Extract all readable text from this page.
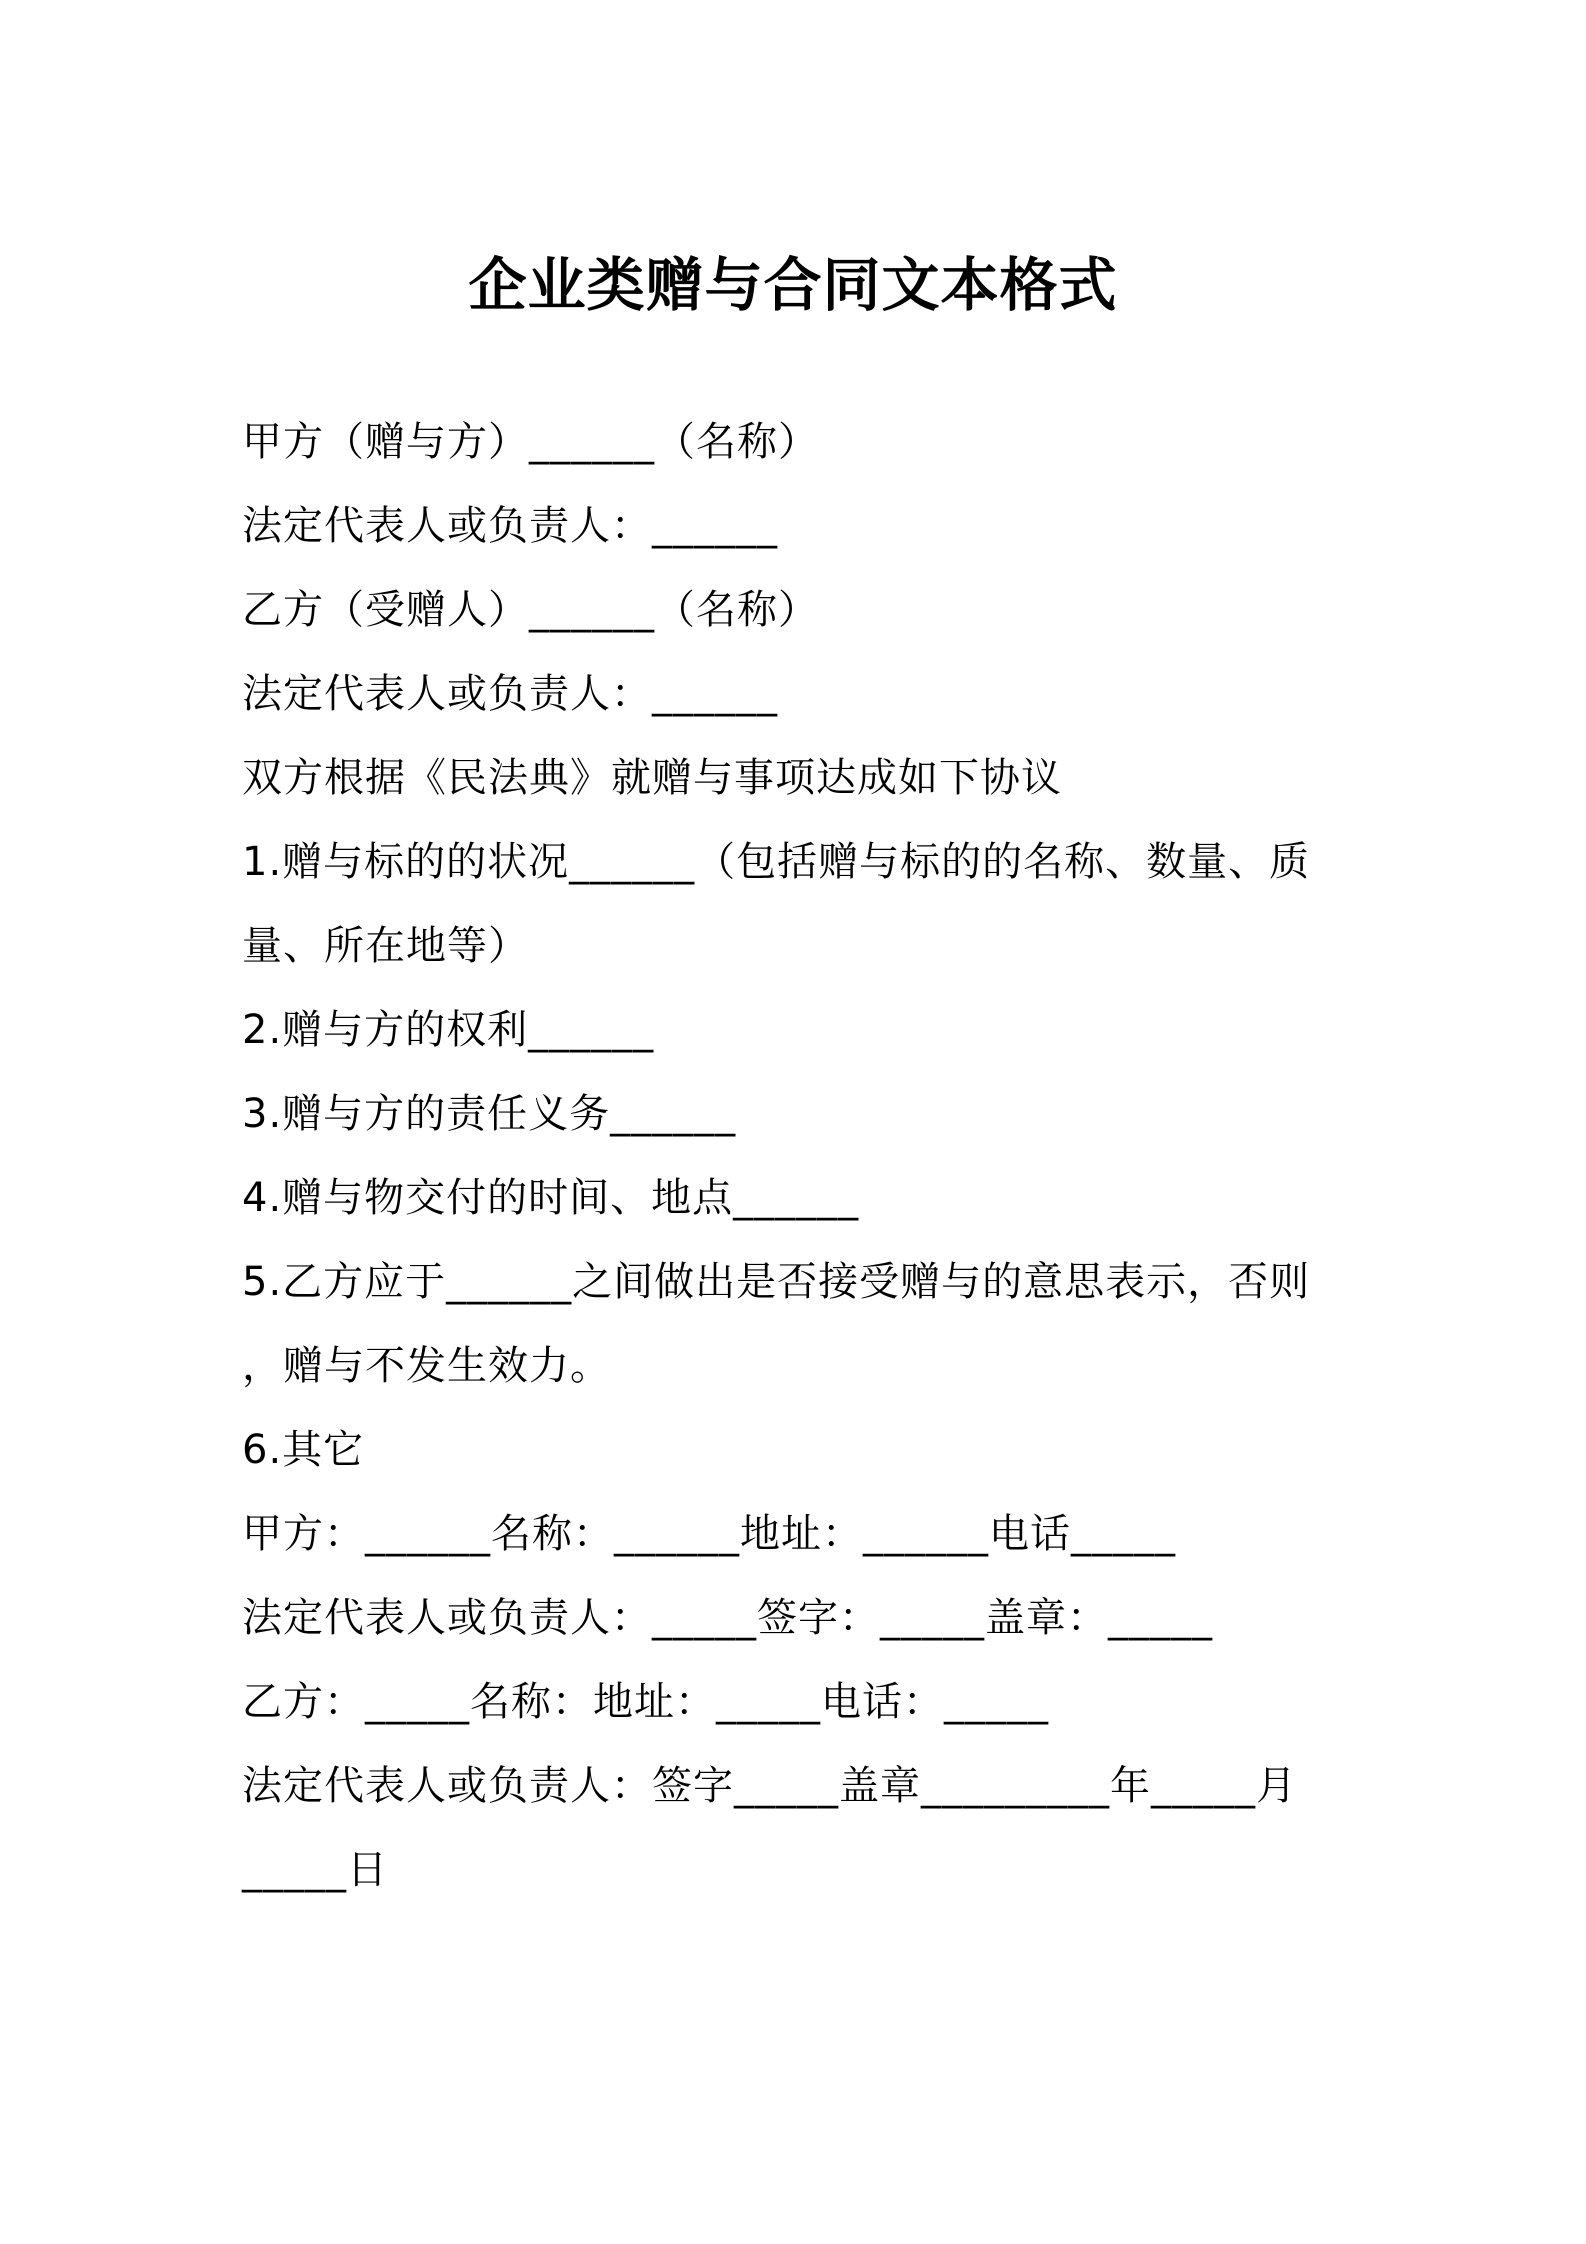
企业类赠与合同文本格式
甲方（赠与方）______（名称）
法定代表人或负责人：______
乙方（受赠人）______（名称）
法定代表人或负责人：______
双方根据《民法典》就赠与事项达成如下协议
1.赠与标的的状况______（包括赠与标的的名称、数量、质
量、所在地等）
2.赠与方的权利______
3.赠与方的责任义务______
4.赠与物交付的时间、地点______
5.乙方应于______之间做出是否接受赠与的意思表示，否则
，赠与不发生效力。
6.其它
甲方：______名称：______地址：______电话_____
法定代表人或负责人：_____签字：_____盖章：_____
乙方：_____名称：地址：_____电话：_____
法定代表人或负责人：签字_____盖章_________年_____月
_____日
